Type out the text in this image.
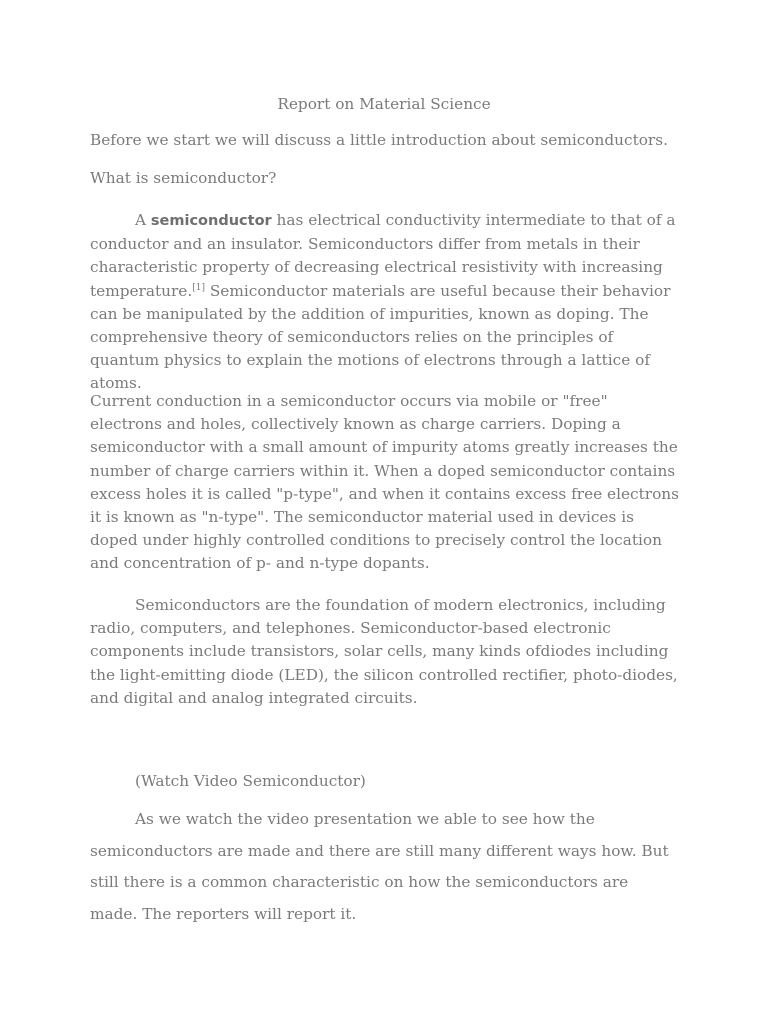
Report on Material Science

Before we start we will discuss a little introduction about semiconductors.

What is semiconductor?

A semiconductor has electrical conductivity intermediate to that of a conductor and an insulator. Semiconductors differ from metals in their characteristic property of decreasing electrical resistivity with increasing temperature.[1] Semiconductor materials are useful because their behavior can be manipulated by the addition of impurities, known as doping. The comprehensive theory of semiconductors relies on the principles of quantum physics to explain the motions of electrons through a lattice of atoms.

Current conduction in a semiconductor occurs via mobile or "free" electrons and holes, collectively known as charge carriers. Doping a semiconductor with a small amount of impurity atoms greatly increases the number of charge carriers within it. When a doped semiconductor contains excess holes it is called "p-type", and when it contains excess free electrons it is known as "n-type". The semiconductor material used in devices is doped under highly controlled conditions to precisely control the location and concentration of p- and n-type dopants.

Semiconductors are the foundation of modern electronics, including radio, computers, and telephones. Semiconductor-based electronic components include transistors, solar cells, many kinds ofdiodes including the light-emitting diode (LED), the silicon controlled rectifier, photo-diodes, and digital and analog integrated circuits.

(Watch Video Semiconductor)

As we watch the video presentation we able to see how the semiconductors are made and there are still many different ways how. But still there is a common characteristic on how the semiconductors are made. The reporters will report it.
